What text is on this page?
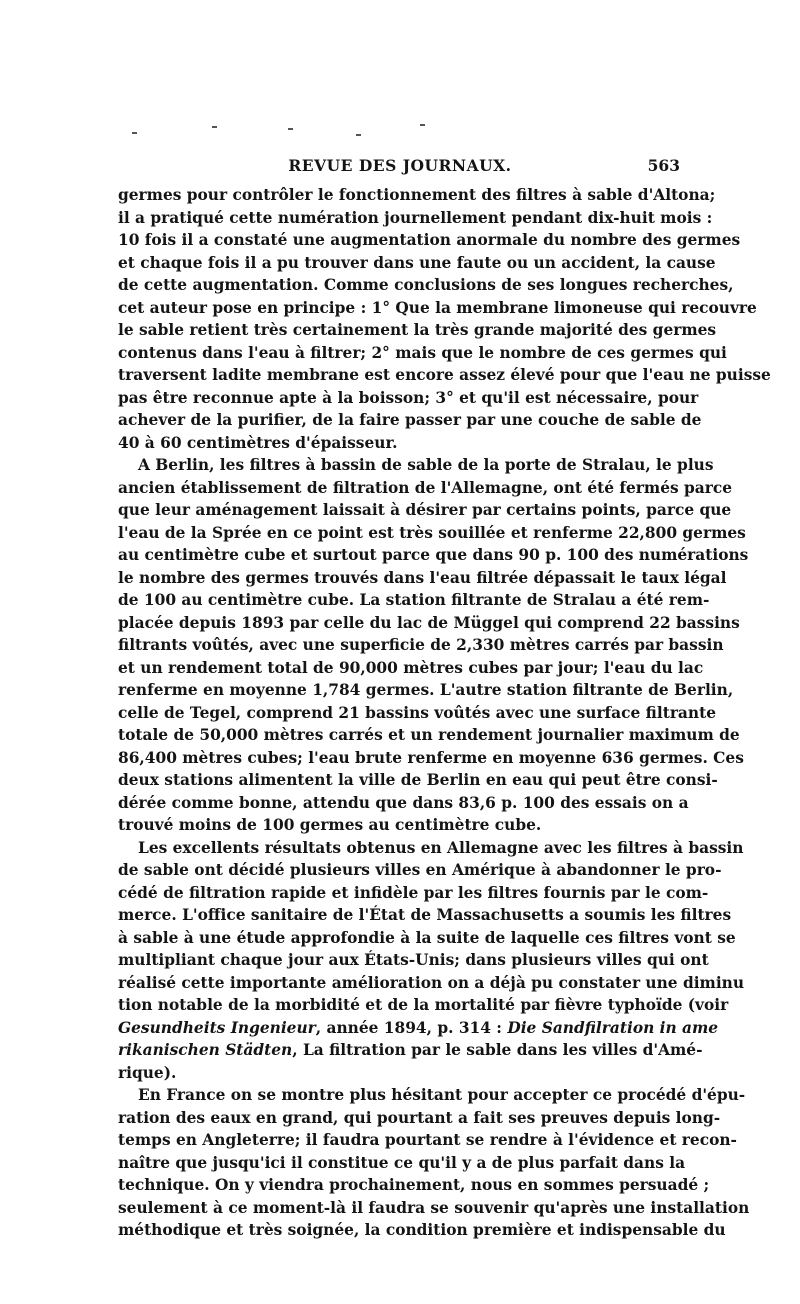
REVUE DES JOURNAUX.	563

germes pour contrôler le fonctionnement des filtres à sable d'Altona;
il a pratiqué cette numération journellement pendant dix-huit mois :
10 fois il a constaté une augmentation anormale du nombre des germes
et chaque fois il a pu trouver dans une faute ou un accident, la cause
de cette augmentation. Comme conclusions de ses longues recherches,
cet auteur pose en principe : 1° Que la membrane limoneuse qui recouvre
le sable retient très certainement la très grande majorité des germes
contenus dans l'eau à filtrer; 2° mais que le nombre de ces germes qui
traversent ladite membrane est encore assez élevé pour que l'eau ne puisse
pas être reconnue apte à la boisson; 3° et qu'il est nécessaire, pour
achever de la purifier, de la faire passer par une couche de sable de
40 à 60 centimètres d'épaisseur.

A Berlin, les filtres à bassin de sable de la porte de Stralau, le plus
ancien établissement de filtration de l'Allemagne, ont été fermés parce
que leur aménagement laissait à désirer par certains points, parce que
l'eau de la Sprée en ce point est très souillée et renferme 22,800 germes
au centimètre cube et surtout parce que dans 90 p. 100 des numérations
le nombre des germes trouvés dans l'eau filtrée dépassait le taux légal
de 100 au centimètre cube. La station filtrante de Stralau a été rem-
placée depuis 1893 par celle du lac de Müggel qui comprend 22 bassins
filtrants voûtés, avec une superficie de 2,330 mètres carrés par bassin
et un rendement total de 90,000 mètres cubes par jour; l'eau du lac
renferme en moyenne 1,784 germes. L'autre station filtrante de Berlin,
celle de Tegel, comprend 21 bassins voûtés avec une surface filtrante
totale de 50,000 mètres carrés et un rendement journalier maximum de
86,400 mètres cubes; l'eau brute renferme en moyenne 636 germes. Ces
deux stations alimentent la ville de Berlin en eau qui peut être consi-
dérée comme bonne, attendu que dans 83,6 p. 100 des essais on a
trouvé moins de 100 germes au centimètre cube.

Les excellents résultats obtenus en Allemagne avec les filtres à bassin
de sable ont décidé plusieurs villes en Amérique à abandonner le pro-
cédé de filtration rapide et infidèle par les filtres fournis par le com-
merce. L'office sanitaire de l'État de Massachusetts a soumis les filtres
à sable à une étude approfondie à la suite de laquelle ces filtres vont se
multipliant chaque jour aux États-Unis; dans plusieurs villes qui ont
réalisé cette importante amélioration on a déjà pu constater une diminu
tion notable de la morbidité et de la mortalité par fièvre typhoïde (voir
Gesundheits Ingenieur, année 1894, p. 314 : Die Sandfilration in ame
rikanischen Städten, La filtration par le sable dans les villes d'Amé-
rique).

En France on se montre plus hésitant pour accepter ce procédé d'épu-
ration des eaux en grand, qui pourtant a fait ses preuves depuis long-
temps en Angleterre; il faudra pourtant se rendre à l'évidence et recon-
naître que jusqu'ici il constitue ce qu'il y a de plus parfait dans la
technique. On y viendra prochainement, nous en sommes persuadé ;
seulement à ce moment-là il faudra se souvenir qu'après une installation
méthodique et très soignée, la condition première et indispensable du
